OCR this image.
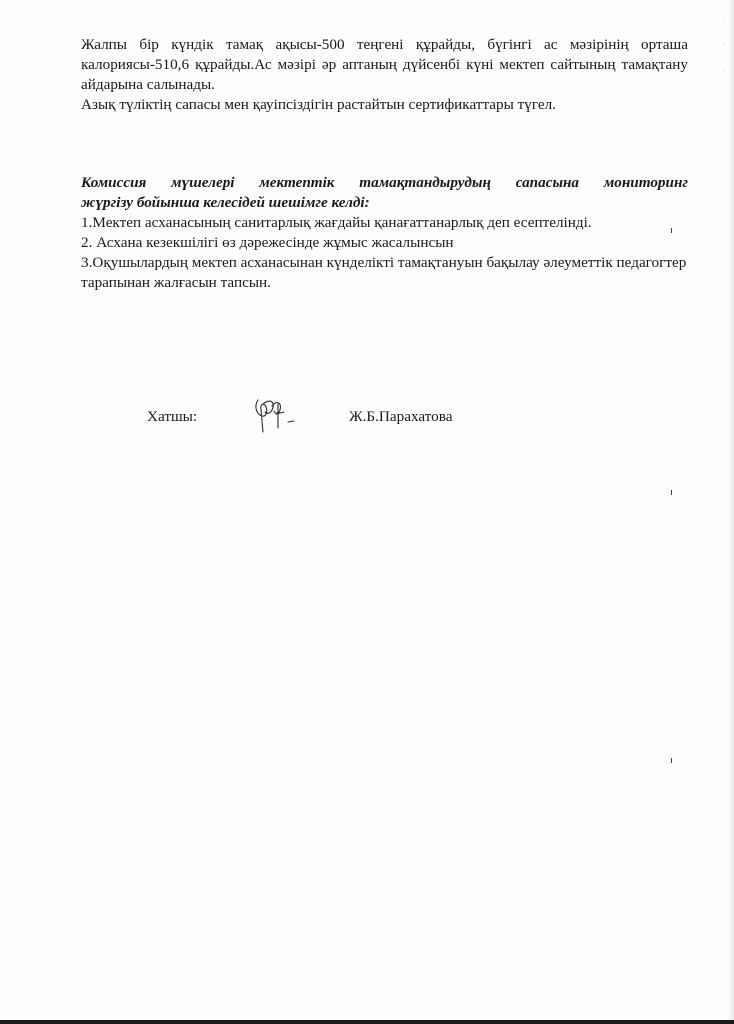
Жалпы бір күндік тамақ ақысы-500 теңгені құрайды, бүгінгі ас мәзірінің орташа калориясы-510,6 құрайды.Ас мәзірі әр аптаның дүйсенбі күні мектеп сайтының тамақтану айдарына салынады.

Азық түліктің сапасы мен қауіпсіздігін растайтын сертификаттары түгел.

Комиссия мүшелері мектептік тамақтандырудың сапасына мониторинг
жүргізу бойынша келесідей шешімге келді:
1.Мектеп асханасының санитарлық жағдайы қанағаттанарлық деп есептелінді.
2. Асхана кезекшілігі өз дәрежесінде жұмыс жасалынсын
3.Оқушылардың мектеп асханасынан күнделікті тамақтануын бақылау әлеуметтік педагогтер тарапынан жалғасын тапсын.
Хатшы:	Ж.Б.Парахатова
·
·
·
